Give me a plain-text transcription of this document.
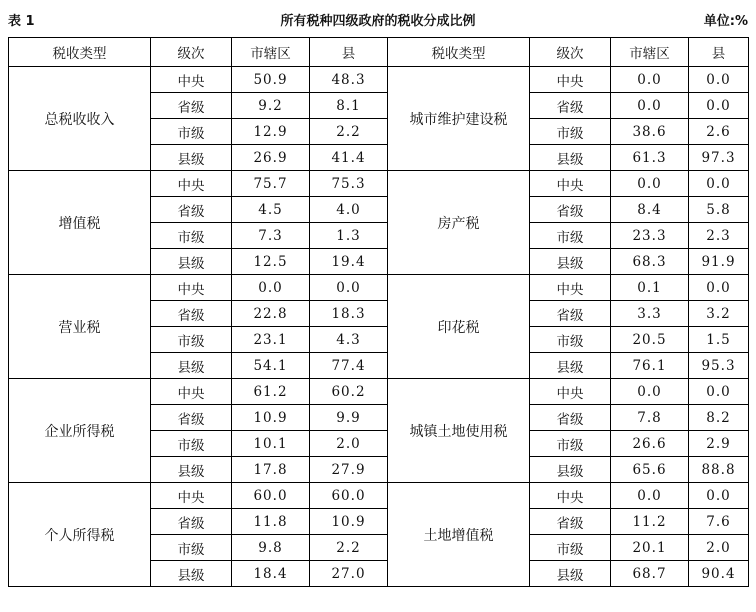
表 1	所有税种四级政府的税收分成比例	单位:%
税收类型	级次	市辖区	县	税收类型	级次	市辖区	县
总税收收入	中央	50.9	48.3	城市维护建设税	中央	0.0	0.0
	省级	9.2	8.1		省级	0.0	0.0
	市级	12.9	2.2		市级	38.6	2.6
	县级	26.9	41.4		县级	61.3	97.3
增值税	中央	75.7	75.3	房产税	中央	0.0	0.0
	省级	4.5	4.0		省级	8.4	5.8
	市级	7.3	1.3		市级	23.3	2.3
	县级	12.5	19.4		县级	68.3	91.9
营业税	中央	0.0	0.0	印花税	中央	0.1	0.0
	省级	22.8	18.3		省级	3.3	3.2
	市级	23.1	4.3		市级	20.5	1.5
	县级	54.1	77.4		县级	76.1	95.3
企业所得税	中央	61.2	60.2	城镇土地使用税	中央	0.0	0.0
	省级	10.9	9.9		省级	7.8	8.2
	市级	10.1	2.0		市级	26.6	2.9
	县级	17.8	27.9		县级	65.6	88.8
个人所得税	中央	60.0	60.0	土地增值税	中央	0.0	0.0
	省级	11.8	10.9		省级	11.2	7.6
	市级	9.8	2.2		市级	20.1	2.0
	县级	18.4	27.0		县级	68.7	90.4
